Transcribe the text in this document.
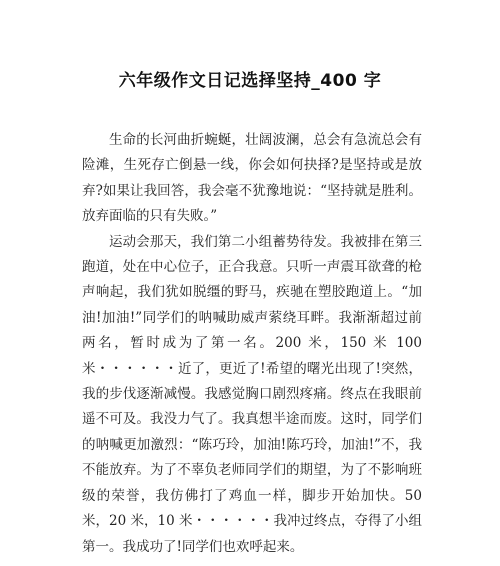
六年级作文日记选择坚持_400 字

生命的长河曲折蜿蜒，壮阔波澜，总会有急流总会有险滩，生死存亡倒悬一线，你会如何抉择?是坚持或是放弃?如果让我回答，我会毫不犹豫地说：“坚持就是胜利。放弃面临的只有失败。”

运动会那天，我们第二小组蓄势待发。我被排在第三跑道，处在中心位子，正合我意。只听一声震耳欲聋的枪声响起，我们犹如脱缰的野马，疾驰在塑胶跑道上。“加油!加油!”同学们的呐喊助威声萦绕耳畔。我渐渐超过前两名，暂时成为了第一名。200 米，150 米 100米・・・・・・近了，更近了!希望的曙光出现了!突然，我的步伐逐渐减慢。我感觉胸口剧烈疼痛。终点在我眼前遥不可及。我没力气了。我真想半途而废。这时，同学们的呐喊更加激烈：“陈巧玲，加油!陈巧玲，加油!”不，我不能放弃。为了不辜负老师同学们的期望，为了不影响班级的荣誉，我仿佛打了鸡血一样，脚步开始加快。50 米，20 米，10 米・・・・・・我冲过终点，夺得了小组第一。我成功了!同学们也欢呼起来。
